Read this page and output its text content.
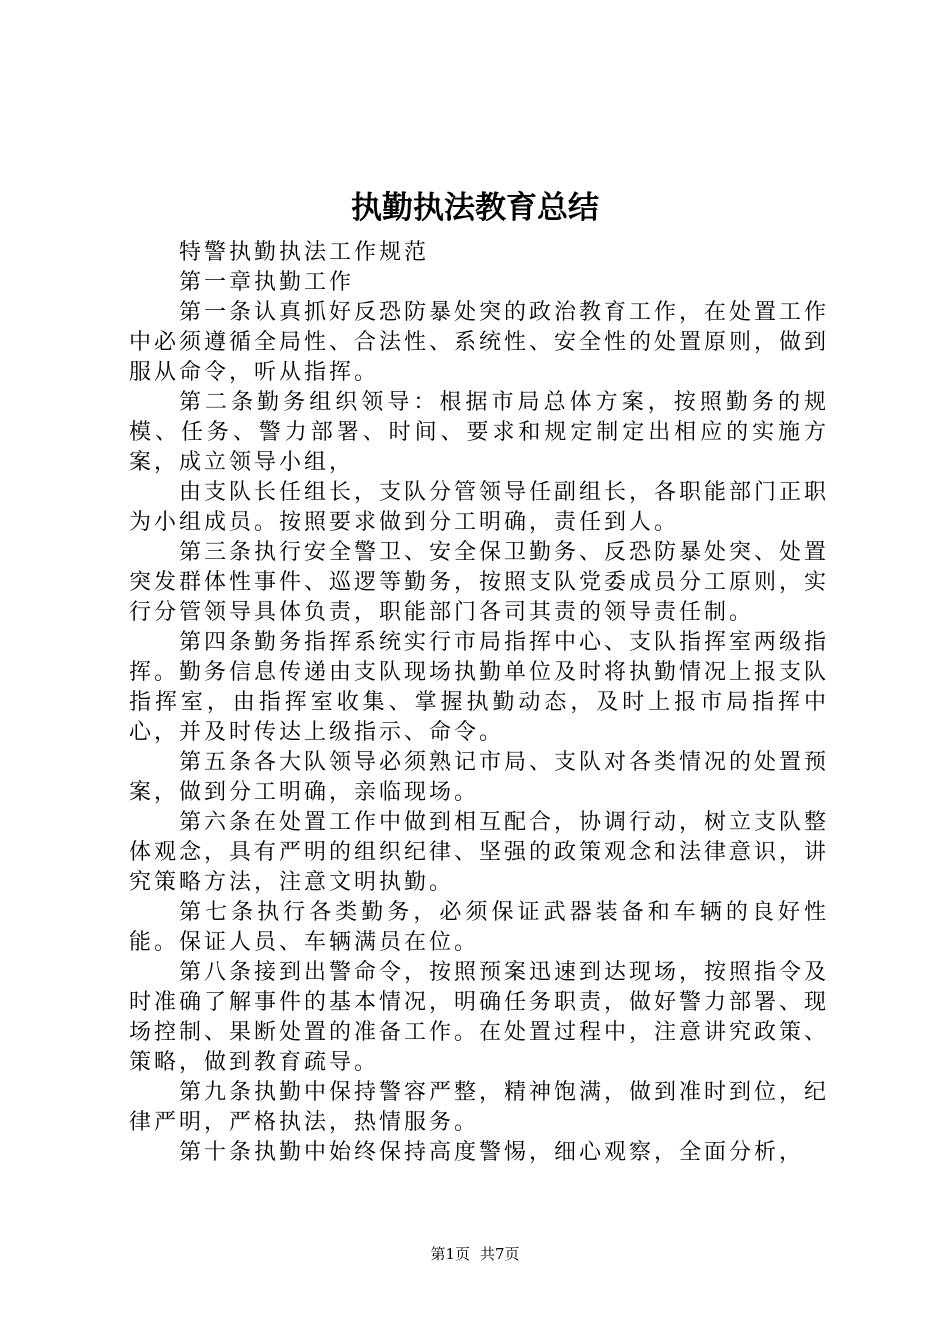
执勤执法教育总结

特警执勤执法工作规范

第一章执勤工作

第一条认真抓好反恐防暴处突的政治教育工作，在处置工作中必须遵循全局性、合法性、系统性、安全性的处置原则，做到服从命令，听从指挥。

第二条勤务组织领导：根据市局总体方案，按照勤务的规模、任务、警力部署、时间、要求和规定制定出相应的实施方案，成立领导小组，

由支队长任组长，支队分管领导任副组长，各职能部门正职为小组成员。按照要求做到分工明确，责任到人。

第三条执行安全警卫、安全保卫勤务、反恐防暴处突、处置突发群体性事件、巡逻等勤务，按照支队党委成员分工原则，实行分管领导具体负责，职能部门各司其责的领导责任制。

第四条勤务指挥系统实行市局指挥中心、支队指挥室两级指挥。勤务信息传递由支队现场执勤单位及时将执勤情况上报支队指挥室，由指挥室收集、掌握执勤动态，及时上报市局指挥中心，并及时传达上级指示、命令。

第五条各大队领导必须熟记市局、支队对各类情况的处置预案，做到分工明确，亲临现场。

第六条在处置工作中做到相互配合，协调行动，树立支队整体观念，具有严明的组织纪律、坚强的政策观念和法律意识，讲究策略方法，注意文明执勤。

第七条执行各类勤务，必须保证武器装备和车辆的良好性能。保证人员、车辆满员在位。

第八条接到出警命令，按照预案迅速到达现场，按照指令及时准确了解事件的基本情况，明确任务职责，做好警力部署、现场控制、果断处置的准备工作。在处置过程中，注意讲究政策、策略，做到教育疏导。

第九条执勤中保持警容严整，精神饱满，做到准时到位，纪律严明，严格执法，热情服务。

第十条执勤中始终保持高度警惕，细心观察，全面分析，

第1页 共7页
